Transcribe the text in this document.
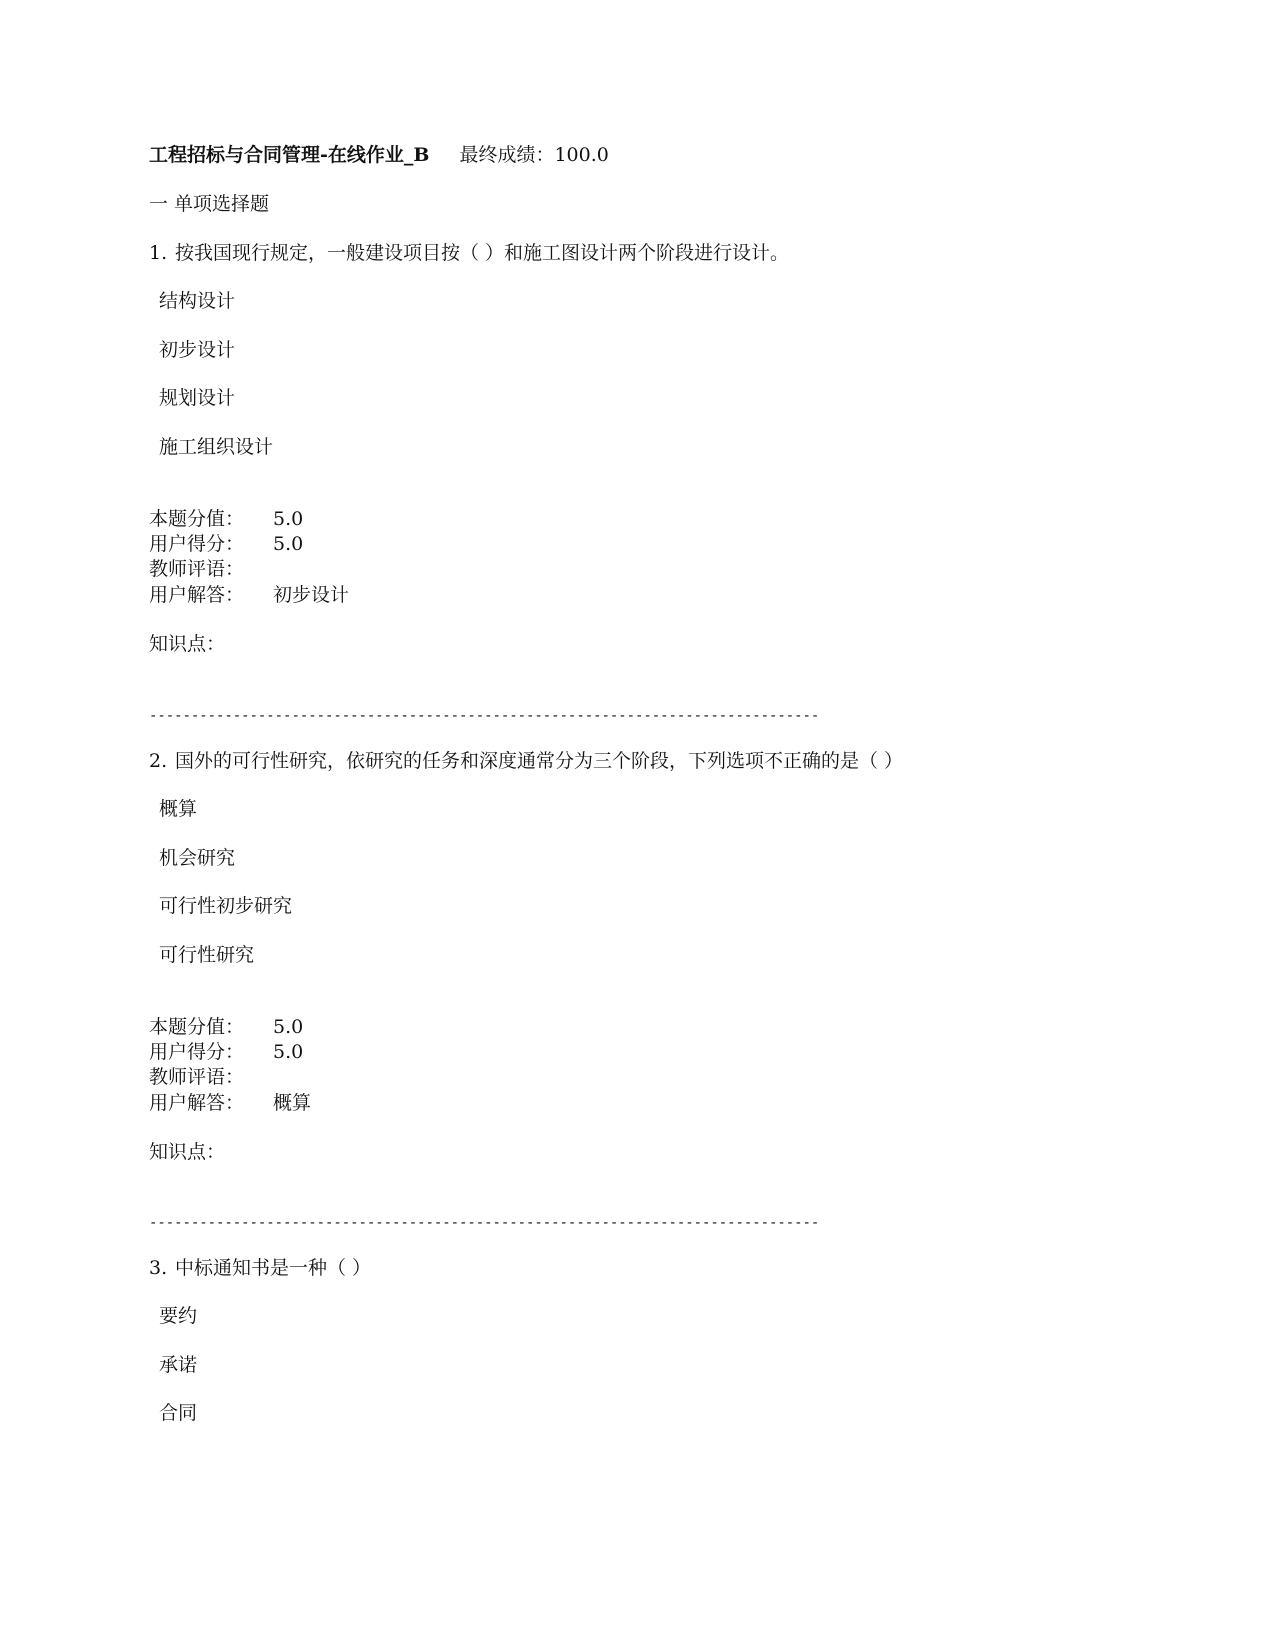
工程招标与合同管理-在线作业_B 最终成绩：100.0
一 单项选择题
1. 按我国现行规定，一般建设项目按（ ）和施工图设计两个阶段进行设计。
结构设计
初步设计
规划设计
施工组织设计
本题分值： 5.0
用户得分： 5.0
教师评语：
用户解答： 初步设计
知识点：
--------------------------------------------------------------------------------
2. 国外的可行性研究，依研究的任务和深度通常分为三个阶段，下列选项不正确的是（ ）
概算
机会研究
可行性初步研究
可行性研究
本题分值： 5.0
用户得分： 5.0
教师评语：
用户解答： 概算
知识点：
--------------------------------------------------------------------------------
3. 中标通知书是一种（ ）
要约
承诺
合同
